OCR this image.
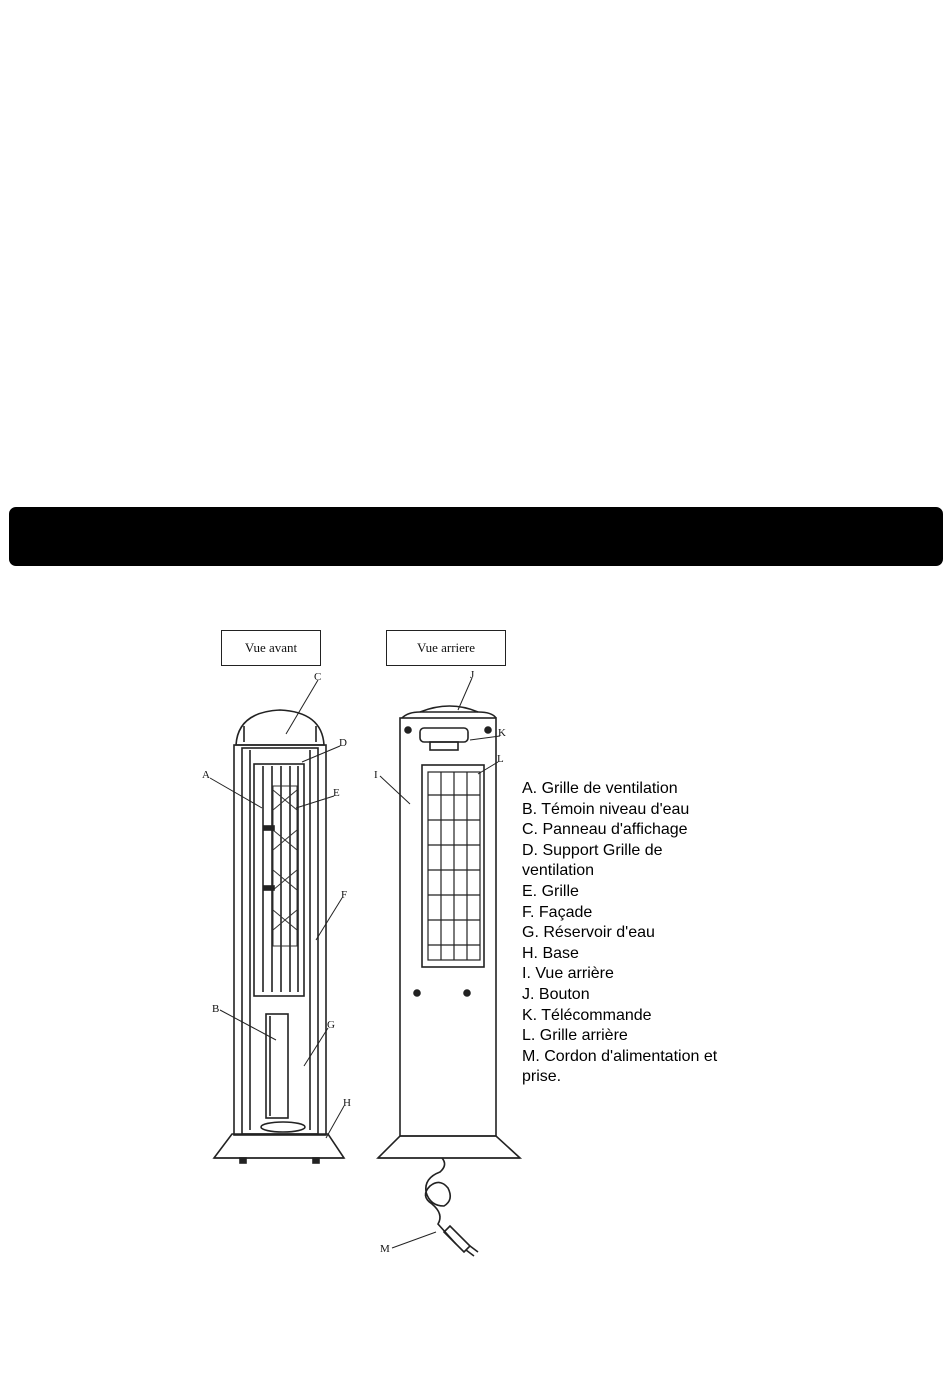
Vue avant	Vue arriere
C
D
A
E
F
B
G
H
I
J
K
L
M
A. Grille de ventilation
B. Témoin niveau d'eau
C. Panneau d'affichage
D. Support Grille de ventilation
E. Grille
F. Façade
G. Réservoir d'eau
H. Base
I. Vue arrière
J. Bouton
K. Télécommande
L. Grille arrière
M. Cordon d'alimentation et prise.
